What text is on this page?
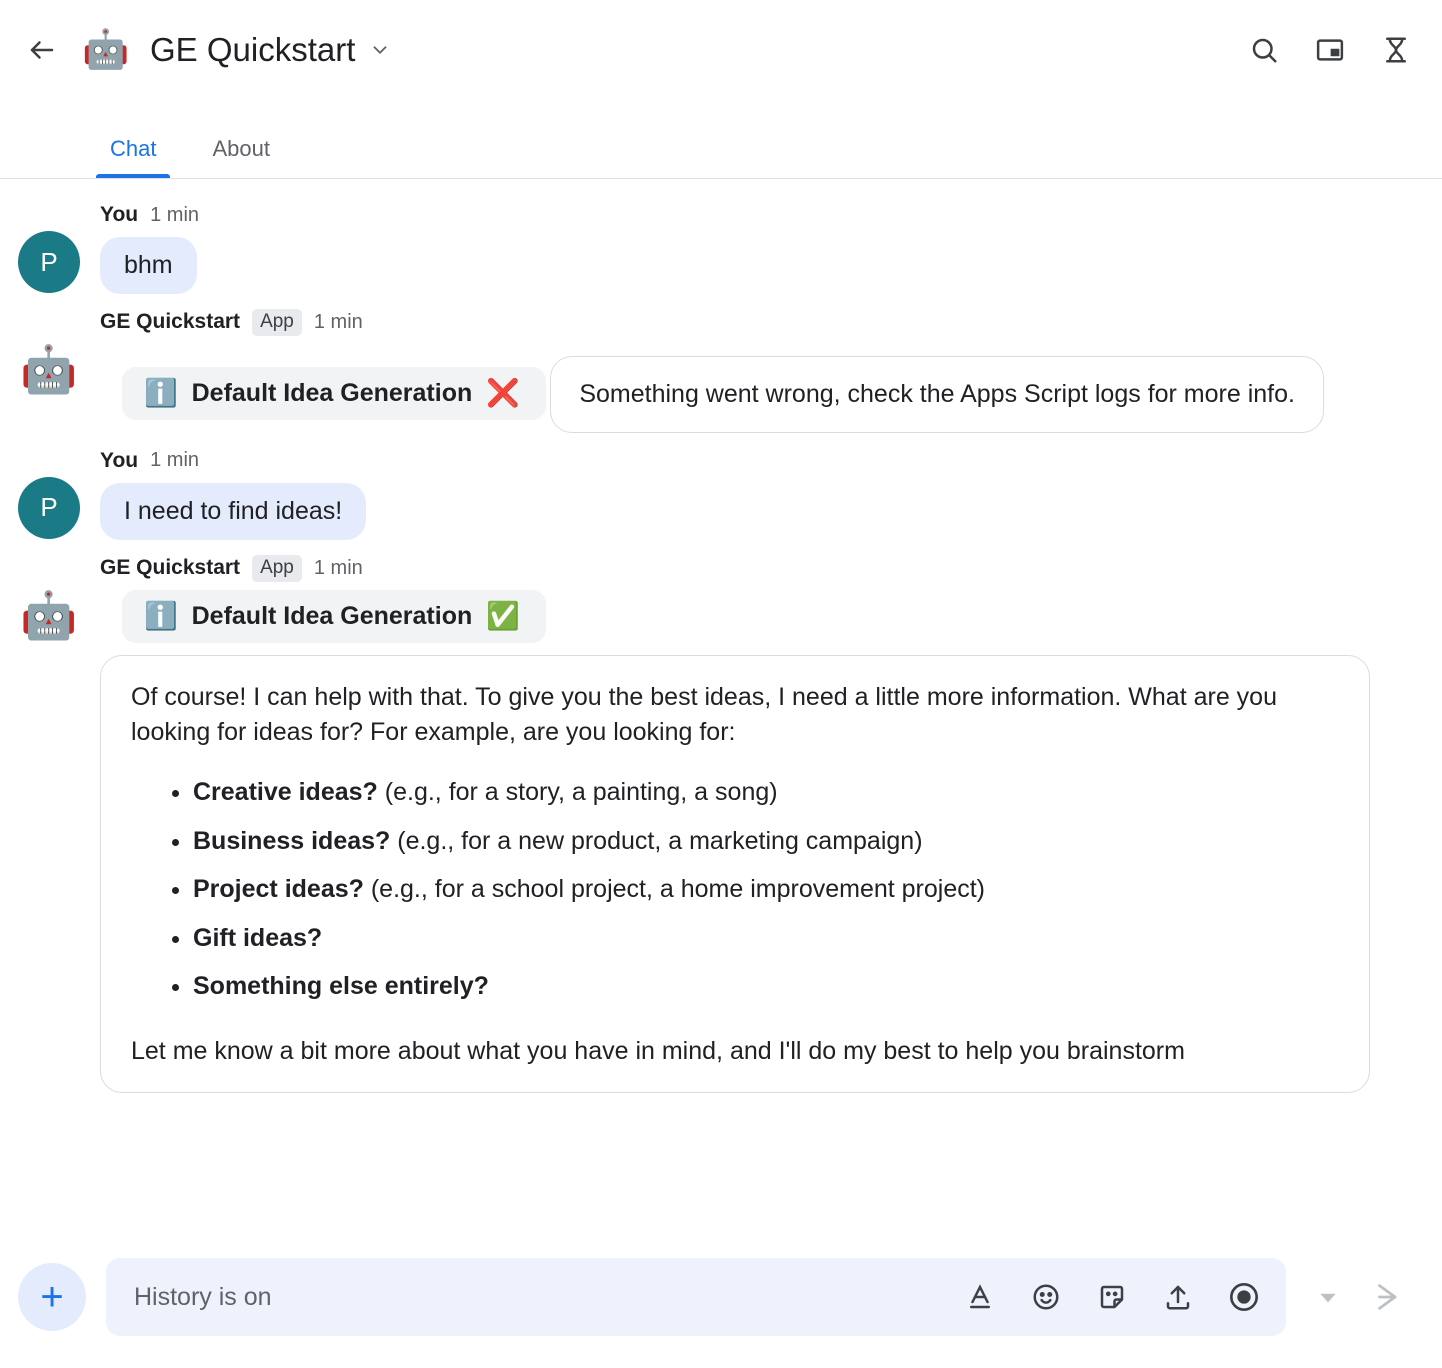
🤖 GE Quickstart
Chat	About
P
You 1 min
bhm
🤖
GE Quickstart	App	1 min
ℹ️ Default Idea Generation ❌
Something went wrong, check the Apps Script logs for more info.

P
You 1 min
I need to find ideas!
🤖
GE Quickstart	App	1 min
ℹ️ Default Idea Generation ✅

Of course! I can help with that. To give you the best ideas, I need a little more information. What are you looking for ideas for? For example, are you looking for:

• Creative ideas? (e.g., for a story, a painting, a song)
• Business ideas? (e.g., for a new product, a marketing campaign)
• Project ideas? (e.g., for a school project, a home improvement project)
• Gift ideas?
• Something else entirely?

Let me know a bit more about what you have in mind, and I'll do my best to help you brainstorm

+
History is on
